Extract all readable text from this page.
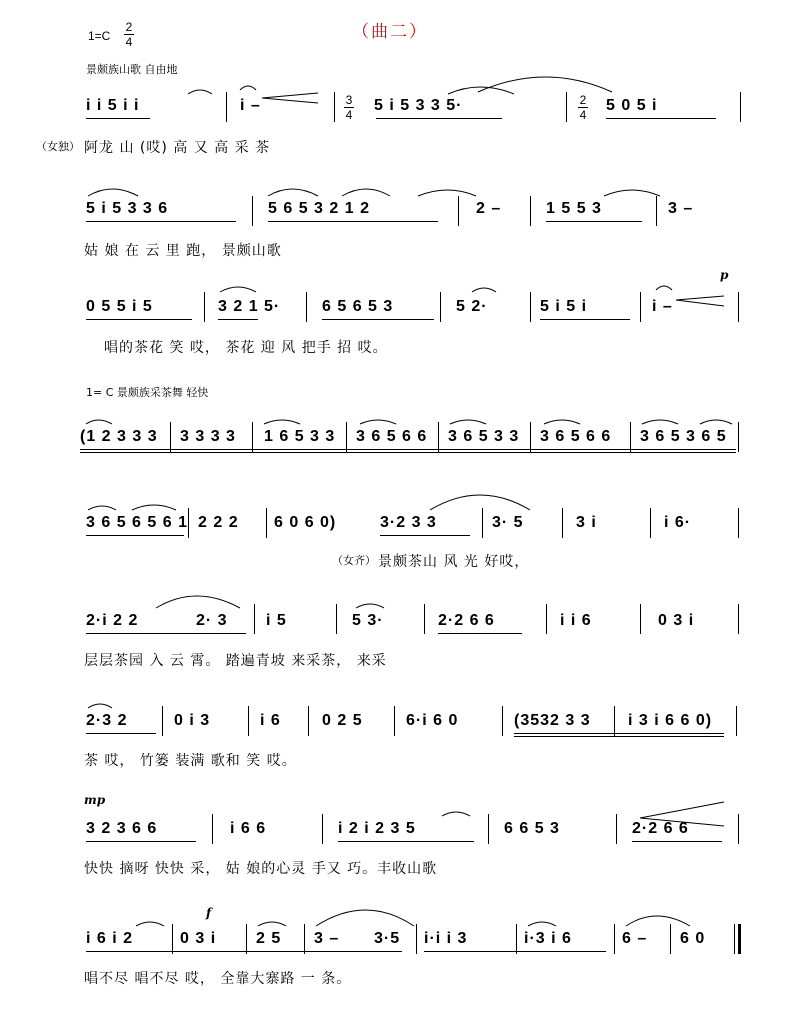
（曲二）
1=C
2
4
景颇族山歌 自由地
3
4
2
4
1= C 景颇族采茶舞 轻快
p
mp
f
（女独）
（女齐）
i i 5 i i	i –	5 i 5 3 3 5·	5 0 5 i
阿龙 山 (哎) 高 又 高 采 茶
5 i 5 3 3 6	5 6 5 3 2 1 2	2 –	1 5 5 3	3 –
姑 娘 在 云 里 跑， 景颇山歌
0 5 5 i 5	3 2 1 5·	6 5 6 5 3	5 2·	5 i 5 i	i –
唱的茶花 笑 哎， 茶花 迎 风 把手 招 哎。
(1 2 3 3 3 3 3 3 3 1 6 5 3 3 3 6 5 6 6 3 6 5 3 3 3 6 5 6 6 3 6 5 3 6 5
3 6 5 6 5 6 1 2 2 2 6 0 6 0)	3·2 3 3	3· 5	3 i	i 6·
景颇茶山 风 光 好哎，
2·i 2 2	2· 3 i 5	5 3·	2·2 6 6	i i 6	0 3 i
层层茶园 入 云 霄。 踏遍青坡 来采茶， 来采
2·3 2	0 i 3	i 6	0 2 5	6·i 6 0	(3532 3 3 i 3 i 6 6 0)
茶 哎， 竹篓 装满 歌和 笑 哎。
3 2 3 6 6	i 6 6	i 2 i 2 3 5	6 6 5 3	2·2 6 6
快快 摘呀 快快 采， 姑 娘的心灵 手又 巧。丰收山歌
i 6 i 2	0 3 i 2 5 3 – 3·5 i·i i 3	i·3 i 6	6 – 6 0
唱不尽 唱不尽 哎， 全靠大寨路 一 条。
